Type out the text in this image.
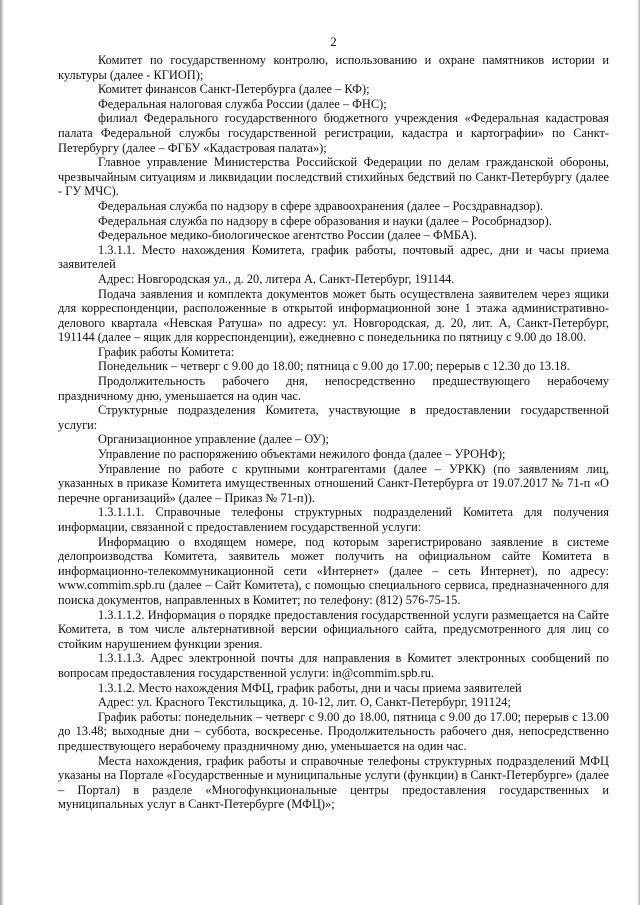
2

Комитет по государственному контролю, использованию и охране памятников истории и культуры (далее - КГИОП);

Комитет финансов Санкт-Петербурга (далее – КФ);

Федеральная налоговая служба России (далее – ФНС);

филиал Федерального государственного бюджетного учреждения «Федеральная кадастровая палата Федеральной службы государственной регистрации, кадастра и картографии» по Санкт-Петербургу (далее – ФГБУ «Кадастровая палата»);

Главное управление Министерства Российской Федерации по делам гражданской обороны, чрезвычайным ситуациям и ликвидации последствий стихийных бедствий по Санкт-Петербургу (далее - ГУ МЧС).

Федеральная служба по надзору в сфере здравоохранения (далее – Росздравнадзор).

Федеральная служба по надзору в сфере образования и науки (далее – Рособрнадзор).

Федеральное медико-биологическое агентство России (далее – ФМБА).

1.3.1.1. Место нахождения Комитета, график работы, почтовый адрес, дни и часы приема заявителей

Адрес: Новгородская ул., д. 20, литера А, Санкт-Петербург, 191144.

Подача заявления и комплекта документов может быть осуществлена заявителем через ящики для корреспонденции, расположенные в открытой информационной зоне 1 этажа административно-делового квартала «Невская Ратуша» по адресу: ул. Новгородская, д. 20, лит. А, Санкт-Петербург, 191144 (далее – ящик для корреспонденции), ежедневно с понедельника по пятницу с 9.00 до 18.00.

График работы Комитета:

Понедельник – четверг с 9.00 до 18.00; пятница с 9.00 до 17.00; перерыв с 12.30 до 13.18.

Продолжительность рабочего дня, непосредственно предшествующего нерабочему праздничному дню, уменьшается на один час.

Структурные подразделения Комитета, участвующие в предоставлении государственной услуги:

Организационное управление (далее – ОУ);

Управление по распоряжению объектами нежилого фонда (далее – УРОНФ);

Управление по работе с крупными контрагентами (далее – УРКК) (по заявлениям лиц, указанных в приказе Комитета имущественных отношений Санкт-Петербурга от 19.07.2017 № 71-п «О перечне организаций» (далее – Приказ № 71-п)).

1.3.1.1.1. Справочные телефоны структурных подразделений Комитета для получения информации, связанной с предоставлением государственной услуги:

Информацию о входящем номере, под которым зарегистрировано заявление в системе делопроизводства Комитета, заявитель может получить на официальном сайте Комитета в информационно-телекоммуникационной сети «Интернет» (далее – сеть Интернет), по адресу: www.commim.spb.ru (далее – Сайт Комитета), с помощью специального сервиса, предназначенного для поиска документов, направленных в Комитет; по телефону: (812) 576-75-15.

1.3.1.1.2. Информация о порядке предоставления государственной услуги размещается на Сайте Комитета, в том числе альтернативной версии официального сайта, предусмотренного для лиц со стойким нарушением функции зрения.

1.3.1.1.3. Адрес электронной почты для направления в Комитет электронных сообщений по вопросам предоставления государственной услуги: in@commim.spb.ru.

1.3.1.2. Место нахождения МФЦ, график работы, дни и часы приема заявителей

Адрес: ул. Красного Текстильщика, д. 10-12, лит. О, Санкт-Петербург, 191124;

График работы: понедельник – четверг с 9.00 до 18.00, пятница с 9.00 до 17.00; перерыв с 13.00 до 13.48; выходные дни – суббота, воскресенье. Продолжительность рабочего дня, непосредственно предшествующего нерабочему праздничному дню, уменьшается на один час.

Места нахождения, график работы и справочные телефоны структурных подразделений МФЦ указаны на Портале «Государственные и муниципальные услуги (функции) в Санкт-Петербурге» (далее – Портал) в разделе «Многофункциональные центры предоставления государственных и муниципальных услуг в Санкт-Петербурге (МФЦ)»;
